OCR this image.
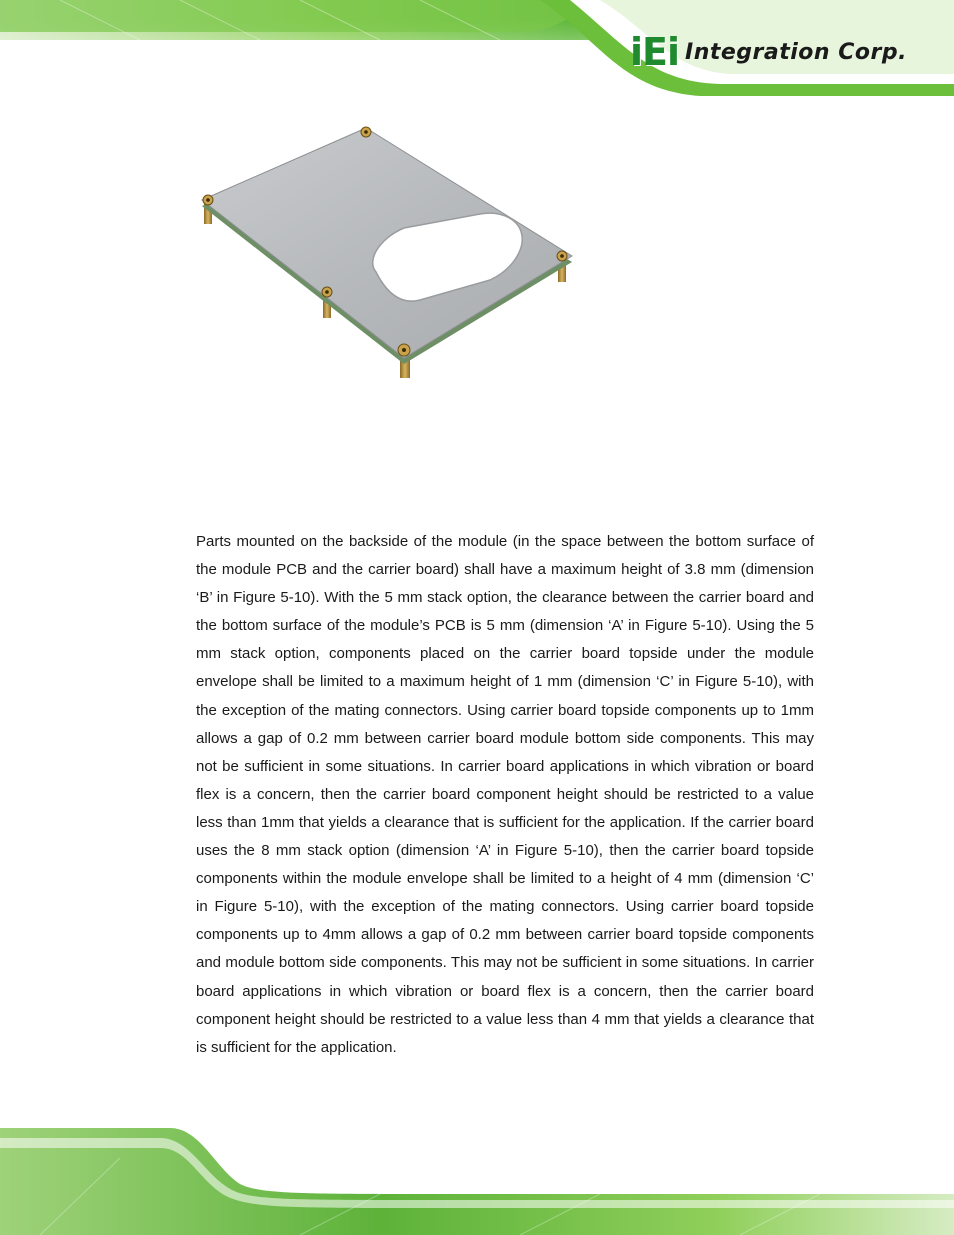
iEi Integration Corp.

Parts mounted on the backside of the module (in the space between the bottom surface of the module PCB and the carrier board) shall have a maximum height of 3.8 mm (dimension ‘B’ in Figure 5-10). With the 5 mm stack option, the clearance between the carrier board and the bottom surface of the module’s PCB is 5 mm (dimension ‘A’ in Figure 5-10). Using the 5 mm stack option, components placed on the carrier board topside under the module envelope shall be limited to a maximum height of 1 mm (dimension ‘C’ in Figure 5-10), with the exception of the mating connectors. Using carrier board topside components up to 1mm allows a gap of 0.2 mm between carrier board module bottom side components. This may not be sufficient in some situations. In carrier board applications in which vibration or board flex is a concern, then the carrier board component height should be restricted to a value less than 1mm that yields a clearance that is sufficient for the application. If the carrier board uses the 8 mm stack option (dimension ‘A’ in Figure 5-10), then the carrier board topside components within the module envelope shall be limited to a height of 4 mm (dimension ‘C’ in Figure 5-10), with the exception of the mating connectors. Using carrier board topside components up to 4mm allows a gap of 0.2 mm between carrier board topside components and module bottom side components. This may not be sufficient in some situations. In carrier board applications in which vibration or board flex is a concern, then the carrier board component height should be restricted to a value less than 4 mm that yields a clearance that is sufficient for the application.
